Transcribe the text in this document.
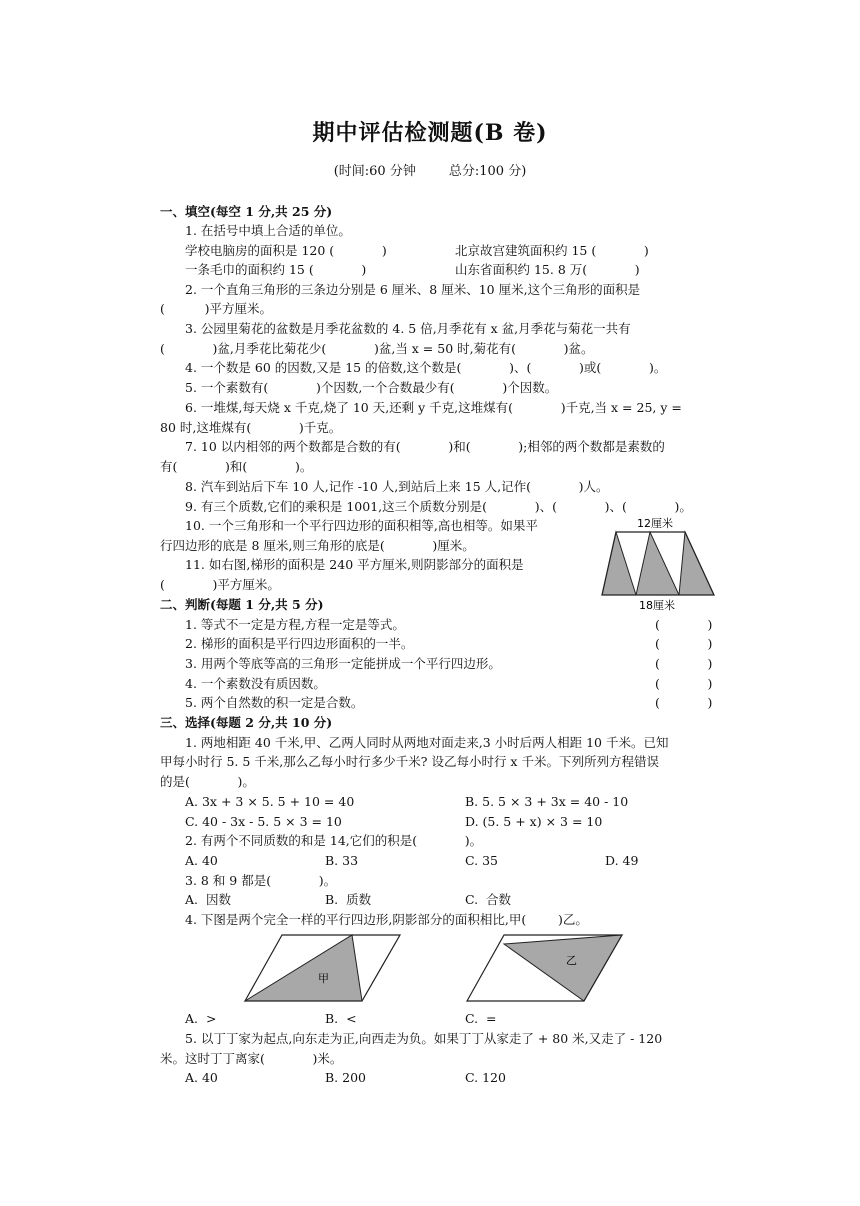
期中评估检测题(B 卷)
(时间:60 分钟        总分:100 分)
一、填空(每空 1 分,共 25 分)
1. 在括号中填上合适的单位。
学校电脑房的面积是 120 (            )	北京故宫建筑面积约 15 (            )
一条毛巾的面积约 15 (            )	山东省面积约 15. 8 万(            )
2. 一个直角三角形的三条边分别是 6 厘米、8 厘米、10 厘米,这个三角形的面积是
(          )平方厘米。
3. 公园里菊花的盆数是月季花盆数的 4. 5 倍,月季花有 x 盆,月季花与菊花一共有
(            )盆,月季花比菊花少(            )盆,当 x = 50 时,菊花有(            )盆。
4. 一个数是 60 的因数,又是 15 的倍数,这个数是(            )、(            )或(            )。
5. 一个素数有(            )个因数,一个合数最少有(            )个因数。
6. 一堆煤,每天烧 x 千克,烧了 10 天,还剩 y 千克,这堆煤有(            )千克,当 x = 25, y =
80 时,这堆煤有(            )千克。
7. 10 以内相邻的两个数都是合数的有(            )和(            );相邻的两个数都是素数的
有(            )和(            )。
8. 汽车到站后下车 10 人,记作 -10 人,到站后上来 15 人,记作(            )人。
9. 有三个质数,它们的乘积是 1001,这三个质数分别是(            )、(            )、(            )。
10. 一个三角形和一个平行四边形的面积相等,高也相等。如果平
行四边形的底是 8 厘米,则三角形的底是(            )厘米。
11. 如右图,梯形的面积是 240 平方厘米,则阴影部分的面积是
(            )平方厘米。
12厘米
18厘米
二、判断(每题 1 分,共 5 分)
1. 等式不一定是方程,方程一定是等式。	(            )
2. 梯形的面积是平行四边形面积的一半。	(            )
3. 用两个等底等高的三角形一定能拼成一个平行四边形。	(            )
4. 一个素数没有质因数。	(            )
5. 两个自然数的积一定是合数。	(            )
三、选择(每题 2 分,共 10 分)
1. 两地相距 40 千米,甲、乙两人同时从两地对面走来,3 小时后两人相距 10 千米。已知
甲每小时行 5. 5 千米,那么乙每小时行多少千米? 设乙每小时行 x 千米。下列所列方程错误
的是(            )。
A. 3x + 3 × 5. 5 + 10 = 40	B. 5. 5 × 3 + 3x = 40 - 10
C. 40 - 3x - 5. 5 × 3 = 10	D. (5. 5 + x) × 3 = 10
2. 有两个不同质数的和是 14,它们的积是(            )。
A. 40	B. 33	C. 35	D. 49
3. 8 和 9 都是(            )。
A.  因数	B.  质数	C.  合数
4. 下图是两个完全一样的平行四边形,阴影部分的面积相比,甲(        )乙。
甲
乙
A.  >	B.  <	C.  =
5. 以丁丁家为起点,向东走为正,向西走为负。如果丁丁从家走了 + 80 米,又走了 - 120
米。这时丁丁离家(            )米。
A. 40	B. 200	C. 120
